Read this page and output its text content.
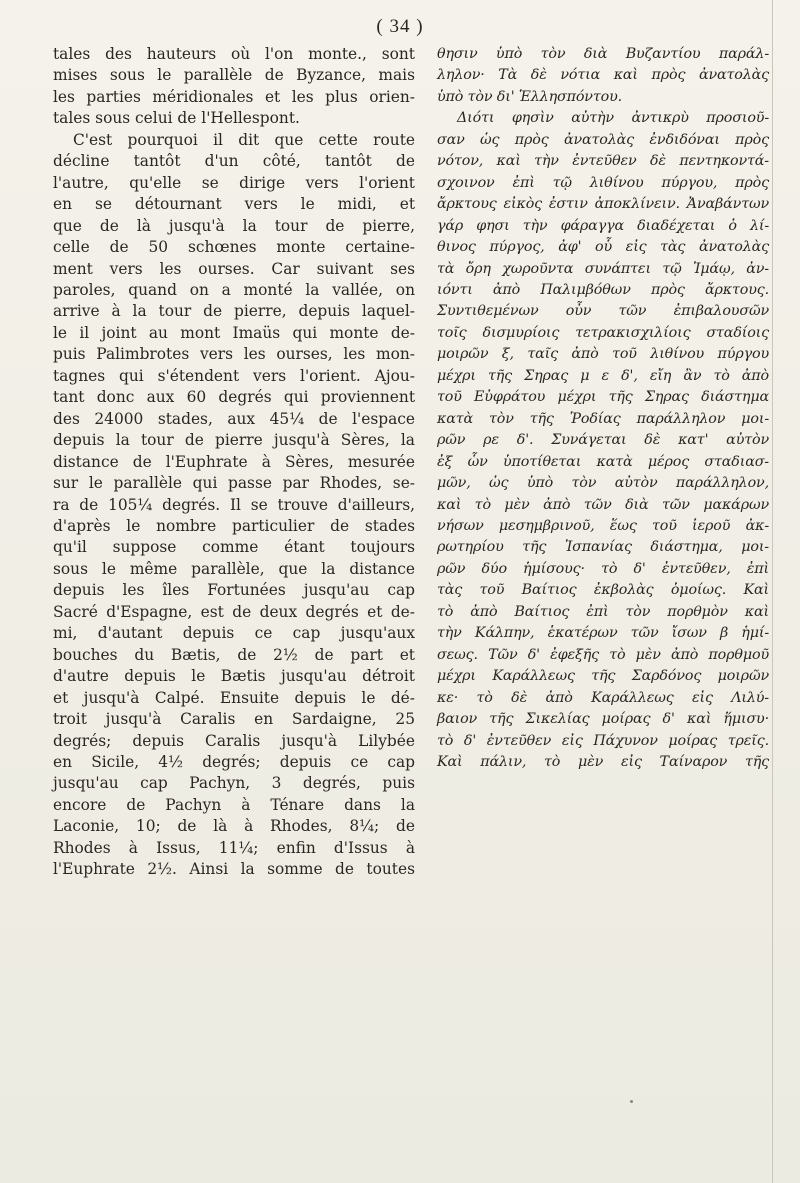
( 34 )
tales des hauteurs où l'on monte., sont
mises sous le parallèle de Byzance, mais
les parties méridionales et les plus orien-
tales sous celui de l'Hellespont.
C'est pourquoi il dit que cette route
décline tantôt d'un côté, tantôt de
l'autre, qu'elle se dirige vers l'orient
en se détournant vers le midi, et
que de là jusqu'à la tour de pierre,
celle de 50 schœnes monte certaine-
ment vers les ourses. Car suivant ses
paroles, quand on a monté la vallée, on
arrive à la tour de pierre, depuis laquel-
le il joint au mont Imaüs qui monte de-
puis Palimbrotes vers les ourses, les mon-
tagnes qui s'étendent vers l'orient. Ajou-
tant donc aux 60 degrés qui proviennent
des 24000 stades, aux 45¼ de l'espace
depuis la tour de pierre jusqu'à Sères, la
distance de l'Euphrate à Sères, mesurée
sur le parallèle qui passe par Rhodes, se-
ra de 105¼ degrés. Il se trouve d'ailleurs,
d'après le nombre particulier de stades
qu'il suppose comme étant toujours
sous le même parallèle, que la distance
depuis les îles Fortunées jusqu'au cap
Sacré d'Espagne, est de deux degrés et de-
mi, d'autant depuis ce cap jusqu'aux
bouches du Bætis, de 2½ de part et
d'autre depuis le Bætis jusqu'au détroit
et jusqu'à Calpé. Ensuite depuis le dé-
troit jusqu'à Caralis en Sardaigne, 25
degrés; depuis Caralis jusqu'à Lilybée
en Sicile, 4½ degrés; depuis ce cap
jusqu'au cap Pachyn, 3 degrés, puis
encore de Pachyn à Ténare dans la
Laconie, 10; de là à Rhodes, 8¼; de
Rhodes à Issus, 11¼; enfin d'Issus à
l'Euphrate 2½. Ainsi la somme de toutes
θησιν ὑπὸ τὸν διὰ Βυζαντίου παράλ-
ληλον· Τὰ δὲ νότια καὶ πρὸς ἀνατολὰς
ὑπὸ τὸν δι' Ἑλλησπόντου.
Διότι φησὶν αὐτὴν ἀντικρὺ προσιοῦ-
σαν ὡς πρὸς ἀνατολὰς ἐνδιδόναι πρὸς
νότον, καὶ τὴν ἐντεῦθεν δὲ πεντηκοντά-
σχοινον ἐπὶ τῷ λιθίνου πύργου, πρὸς
ἄρκτους εἰκὸς ἐστιν ἀποκλίνειν. Ἀναβάντων
γάρ φησι τὴν φάραγγα διαδέχεται ὁ λί-
θινος πύργος, ἀφ' οὗ εἰς τὰς ἀνατολὰς
τὰ ὄρη χωροῦντα συνάπτει τῷ Ἰμάῳ, ἀν-
ιόντι ἀπὸ Παλιμβόθων πρὸς ἄρκτους.
Συντιθεμένων οὖν τῶν ἐπιβαλουσῶν
τοῖς δισμυρίοις τετρακισχιλίοις σταδίοις
μοιρῶν ξ, ταῖς ἀπὸ τοῦ λιθίνου πύργου
μέχρι τῆς Σηρας μ ε δ', εἴη ἂν τὸ ἀπὸ
τοῦ Εὐφράτου μέχρι τῆς Σηρας διάστημα
κατὰ τὸν τῆς Ῥοδίας παράλληλον μοι-
ρῶν ρε δ'. Συνάγεται δὲ κατ' αὐτὸν
ἐξ ὧν ὑποτίθεται κατὰ μέρος σταδιασ-
μῶν, ὡς ὑπὸ τὸν αὐτὸν παράλληλον,
καὶ τὸ μὲν ἀπὸ τῶν διὰ τῶν μακάρων
νήσων μεσημβρινοῦ, ἕως τοῦ ἱεροῦ ἀκ-
ρωτηρίου τῆς Ἰσπανίας διάστημα, μοι-
ρῶν δύο ἡμίσους· τὸ δ' ἐντεῦθεν, ἐπὶ
τὰς τοῦ Βαίτιος ἐκβολὰς ὁμοίως. Καὶ
τὸ ἀπὸ Βαίτιος ἐπὶ τὸν πορθμὸν καὶ
τὴν Κάλπην, ἑκατέρων τῶν ἴσων β ἡμί-
σεως. Τῶν δ' ἐφεξῆς τὸ μὲν ἀπὸ πορθμοῦ
μέχρι Καράλλεως τῆς Σαρδόνος μοιρῶν
κε· τὸ δὲ ἀπὸ Καράλλεως εἰς Λιλύ-
βαιον τῆς Σικελίας μοίρας δ' καὶ ἥμισυ·
τὸ δ' ἐντεῦθεν εἰς Πάχυνον μοίρας τρεῖς.
Καὶ πάλιν, τὸ μὲν εἰς Ταίναρον τῆς
